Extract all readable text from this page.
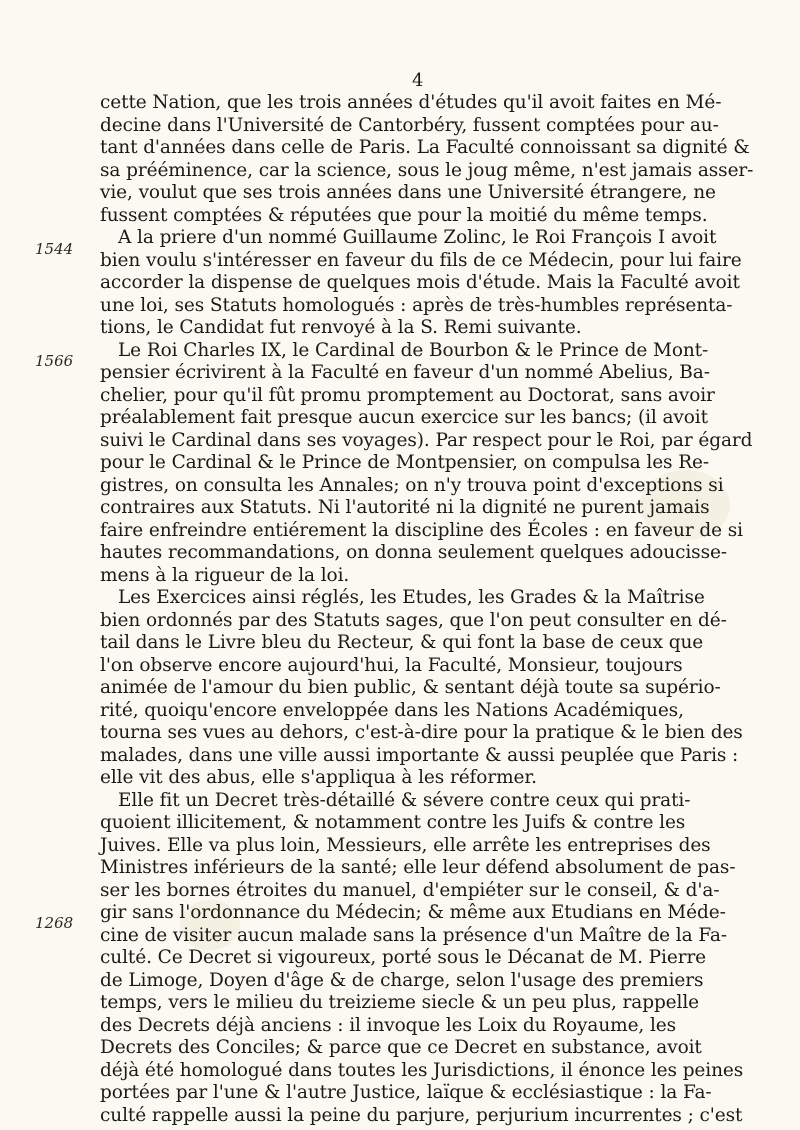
4
1544
1566
1268
cette Nation, que les trois années d'études qu'il avoit faites en Mé-
decine dans l'Université de Cantorbéry, fussent comptées pour au-
tant d'années dans celle de Paris. La Faculté connoissant sa dignité &
sa prééminence, car la science, sous le joug même, n'est jamais asser-
vie, voulut que ses trois années dans une Université étrangere, ne
fussent comptées & réputées que pour la moitié du même temps.
A la priere d'un nommé Guillaume Zolinc, le Roi François I avoit
bien voulu s'intéresser en faveur du fils de ce Médecin, pour lui faire
accorder la dispense de quelques mois d'étude. Mais la Faculté avoit
une loi, ses Statuts homologués : après de très-humbles représenta-
tions, le Candidat fut renvoyé à la S. Remi suivante.
Le Roi Charles IX, le Cardinal de Bourbon & le Prince de Mont-
pensier écrivirent à la Faculté en faveur d'un nommé Abelius, Ba-
chelier, pour qu'il fût promu promptement au Doctorat, sans avoir
préalablement fait presque aucun exercice sur les bancs; (il avoit
suivi le Cardinal dans ses voyages). Par respect pour le Roi, par égard
pour le Cardinal & le Prince de Montpensier, on compulsa les Re-
gistres, on consulta les Annales; on n'y trouva point d'exceptions si
contraires aux Statuts. Ni l'autorité ni la dignité ne purent jamais
faire enfreindre entiérement la discipline des Écoles : en faveur de si
hautes recommandations, on donna seulement quelques adoucisse-
mens à la rigueur de la loi.
Les Exercices ainsi réglés, les Etudes, les Grades & la Maîtrise
bien ordonnés par des Statuts sages, que l'on peut consulter en dé-
tail dans le Livre bleu du Recteur, & qui font la base de ceux que
l'on observe encore aujourd'hui, la Faculté, Monsieur, toujours
animée de l'amour du bien public, & sentant déjà toute sa supério-
rité, quoiqu'encore enveloppée dans les Nations Académiques,
tourna ses vues au dehors, c'est-à-dire pour la pratique & le bien des
malades, dans une ville aussi importante & aussi peuplée que Paris :
elle vit des abus, elle s'appliqua à les réformer.
Elle fit un Decret très-détaillé & sévere contre ceux qui prati-
quoient illicitement, & notamment contre les Juifs & contre les
Juives. Elle va plus loin, Messieurs, elle arrête les entreprises des
Ministres inférieurs de la santé; elle leur défend absolument de pas-
ser les bornes étroites du manuel, d'empiéter sur le conseil, & d'a-
gir sans l'ordonnance du Médecin; & même aux Etudians en Méde-
cine de visiter aucun malade sans la présence d'un Maître de la Fa-
culté. Ce Decret si vigoureux, porté sous le Décanat de M. Pierre
de Limoge, Doyen d'âge & de charge, selon l'usage des premiers
temps, vers le milieu du treizieme siecle & un peu plus, rappelle
des Decrets déjà anciens : il invoque les Loix du Royaume, les
Decrets des Conciles; & parce que ce Decret en substance, avoit
déjà été homologué dans toutes les Jurisdictions, il énonce les peines
portées par l'une & l'autre Justice, laïque & ecclésiastique : la Fa-
culté rappelle aussi la peine du parjure, perjurium incurrentes ; c'est
